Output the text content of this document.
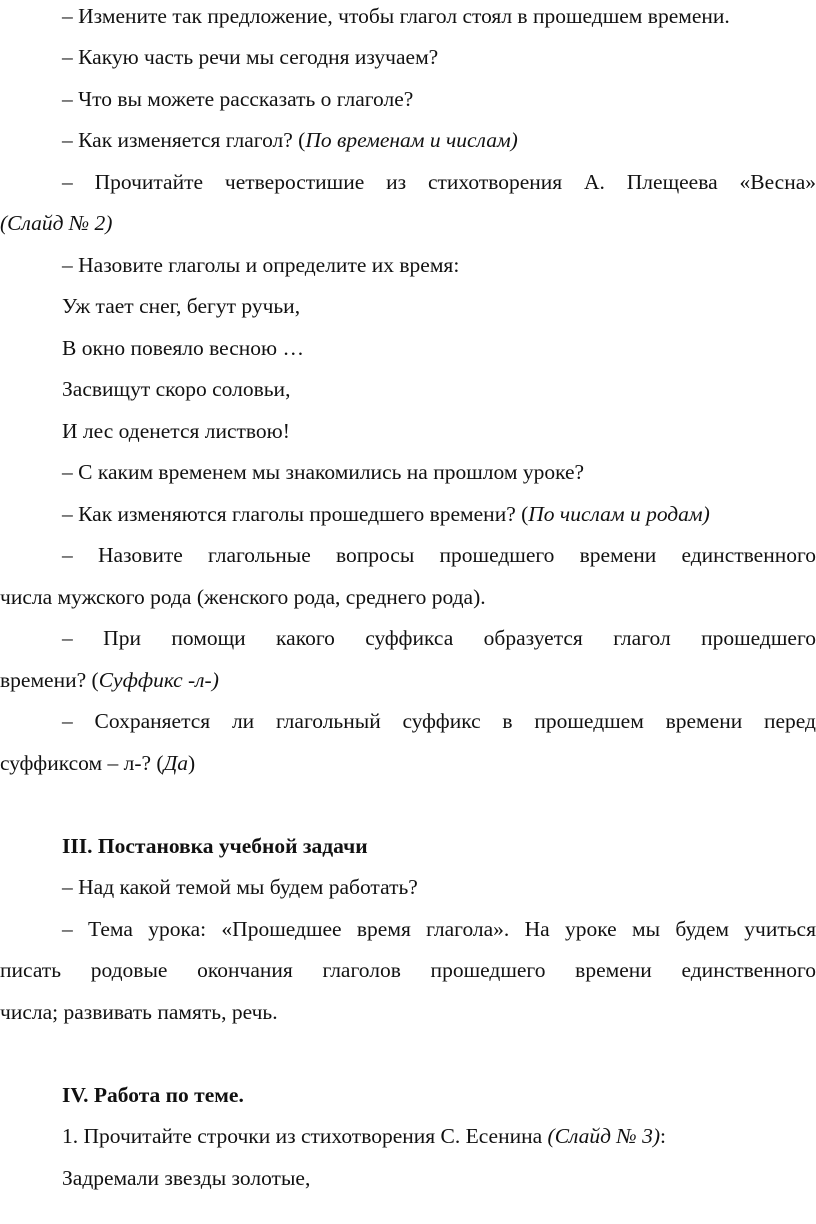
– Измените так предложение, чтобы глагол стоял в прошедшем времени.
– Какую часть речи мы сегодня изучаем?
– Что вы можете рассказать о глаголе?
– Как изменяется глагол? (По временам и числам)
– Прочитайте четверостишие из стихотворения А. Плещеева «Весна»
(Слайд № 2)
– Назовите глаголы и определите их время:
Уж тает снег, бегут ручьи,
В окно повеяло весною …
Засвищут скоро соловьи,
И лес оденется листвою!
– С каким временем мы знакомились на прошлом уроке?
– Как изменяются глаголы прошедшего времени? (По числам и родам)
– Назовите глагольные вопросы прошедшего времени единственного
числа мужского рода (женского рода, среднего рода).
– При помощи какого суффикса образуется глагол прошедшего
времени? (Суффикс -л-)
– Сохраняется ли глагольный суффикс в прошедшем времени перед
суффиксом – л-? (Да)
III. Постановка учебной задачи
– Над какой темой мы будем работать?
– Тема урока: «Прошедшее время глагола». На уроке мы будем учиться
писать родовые окончания глаголов прошедшего времени единственного
числа; развивать память, речь.
IV. Работа по теме.
1. Прочитайте строчки из стихотворения С. Есенина (Слайд № 3):
Задремали звезды золотые,
